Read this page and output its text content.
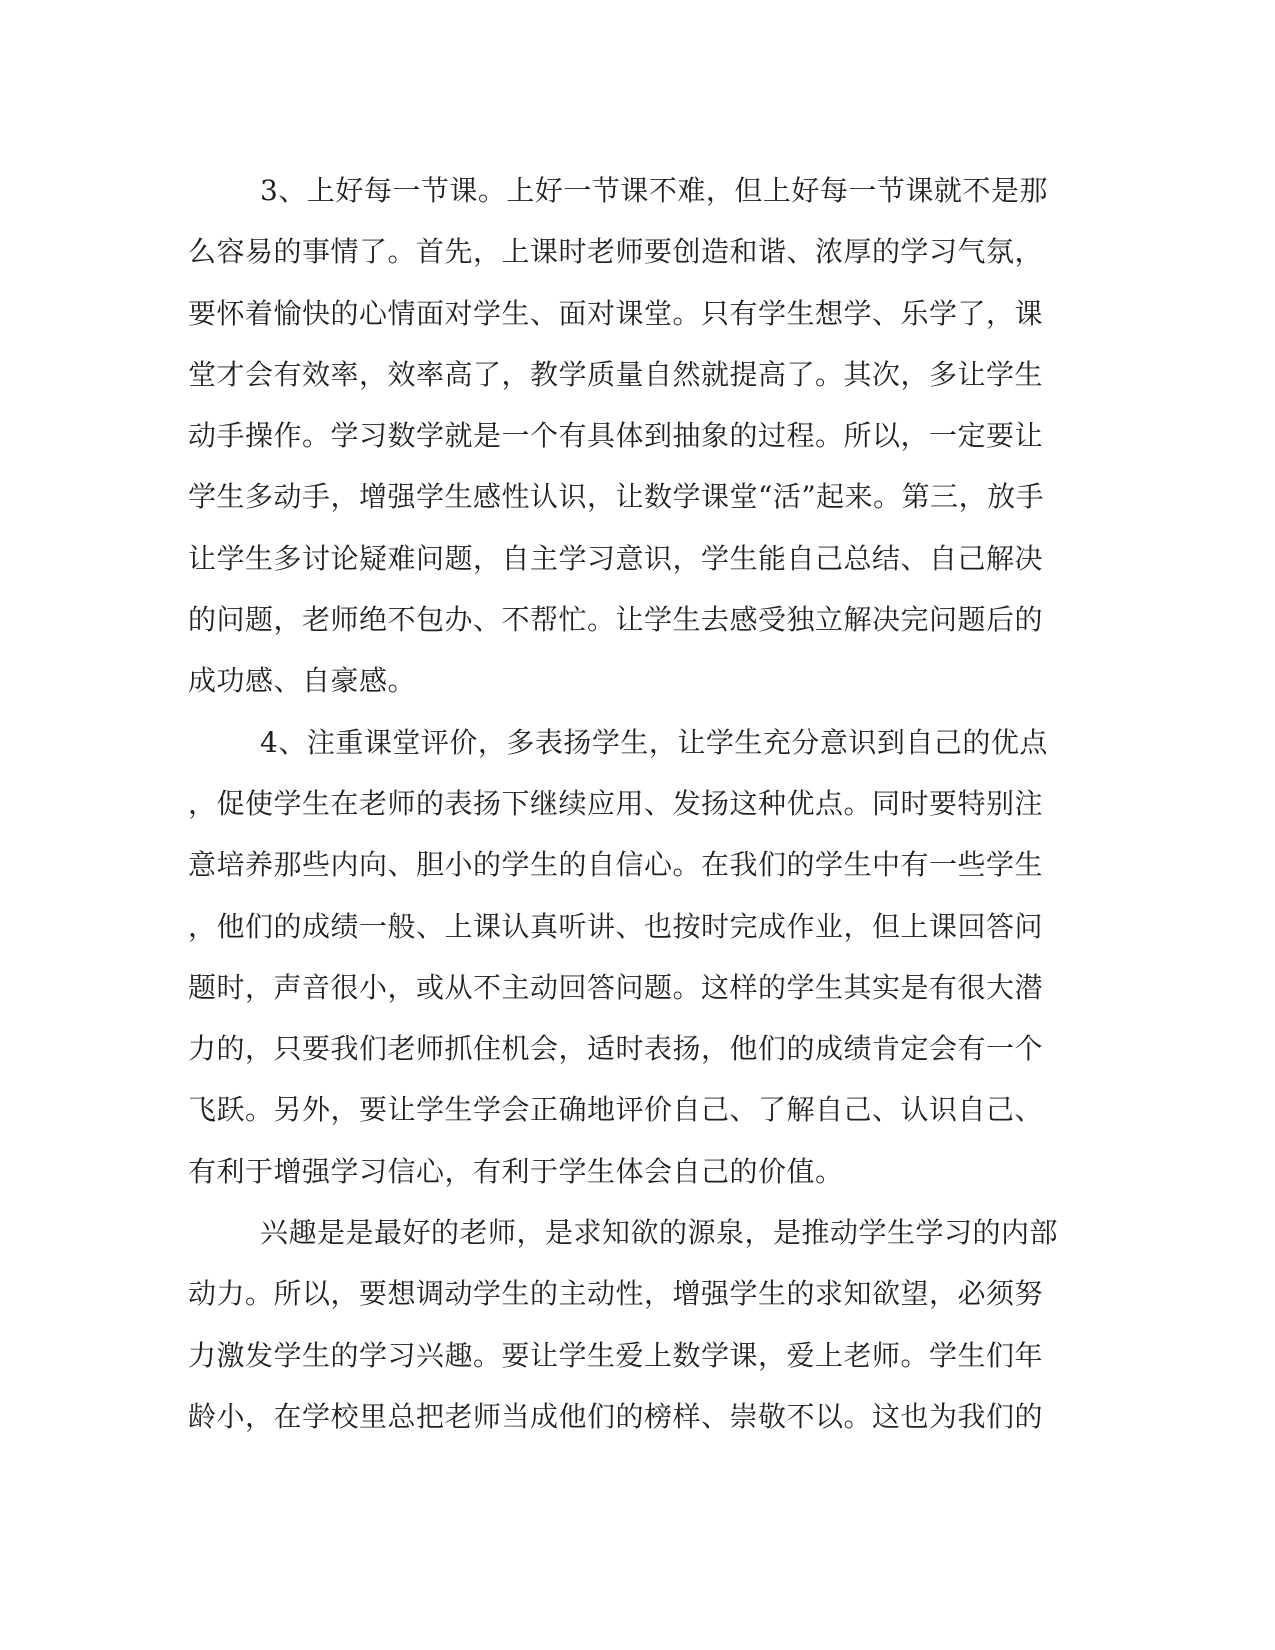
3、上好每一节课。上好一节课不难，但上好每一节课就不是那
么容易的事情了。首先，上课时老师要创造和谐、浓厚的学习气氛，
要怀着愉快的心情面对学生、面对课堂。只有学生想学、乐学了，课
堂才会有效率，效率高了，教学质量自然就提高了。其次，多让学生
动手操作。学习数学就是一个有具体到抽象的过程。所以，一定要让
学生多动手，增强学生感性认识，让数学课堂“活”起来。第三，放手
让学生多讨论疑难问题，自主学习意识，学生能自己总结、自己解决
的问题，老师绝不包办、不帮忙。让学生去感受独立解决完问题后的
成功感、自豪感。
4、注重课堂评价，多表扬学生，让学生充分意识到自己的优点
，促使学生在老师的表扬下继续应用、发扬这种优点。同时要特别注
意培养那些内向、胆小的学生的自信心。在我们的学生中有一些学生
，他们的成绩一般、上课认真听讲、也按时完成作业，但上课回答问
题时，声音很小，或从不主动回答问题。这样的学生其实是有很大潜
力的，只要我们老师抓住机会，适时表扬，他们的成绩肯定会有一个
飞跃。另外，要让学生学会正确地评价自己、了解自己、认识自己、
有利于增强学习信心，有利于学生体会自己的价值。
兴趣是是最好的老师，是求知欲的源泉，是推动学生学习的内部
动力。所以，要想调动学生的主动性，增强学生的求知欲望，必须努
力激发学生的学习兴趣。要让学生爱上数学课，爱上老师。学生们年
龄小，在学校里总把老师当成他们的榜样、崇敬不以。这也为我们的
